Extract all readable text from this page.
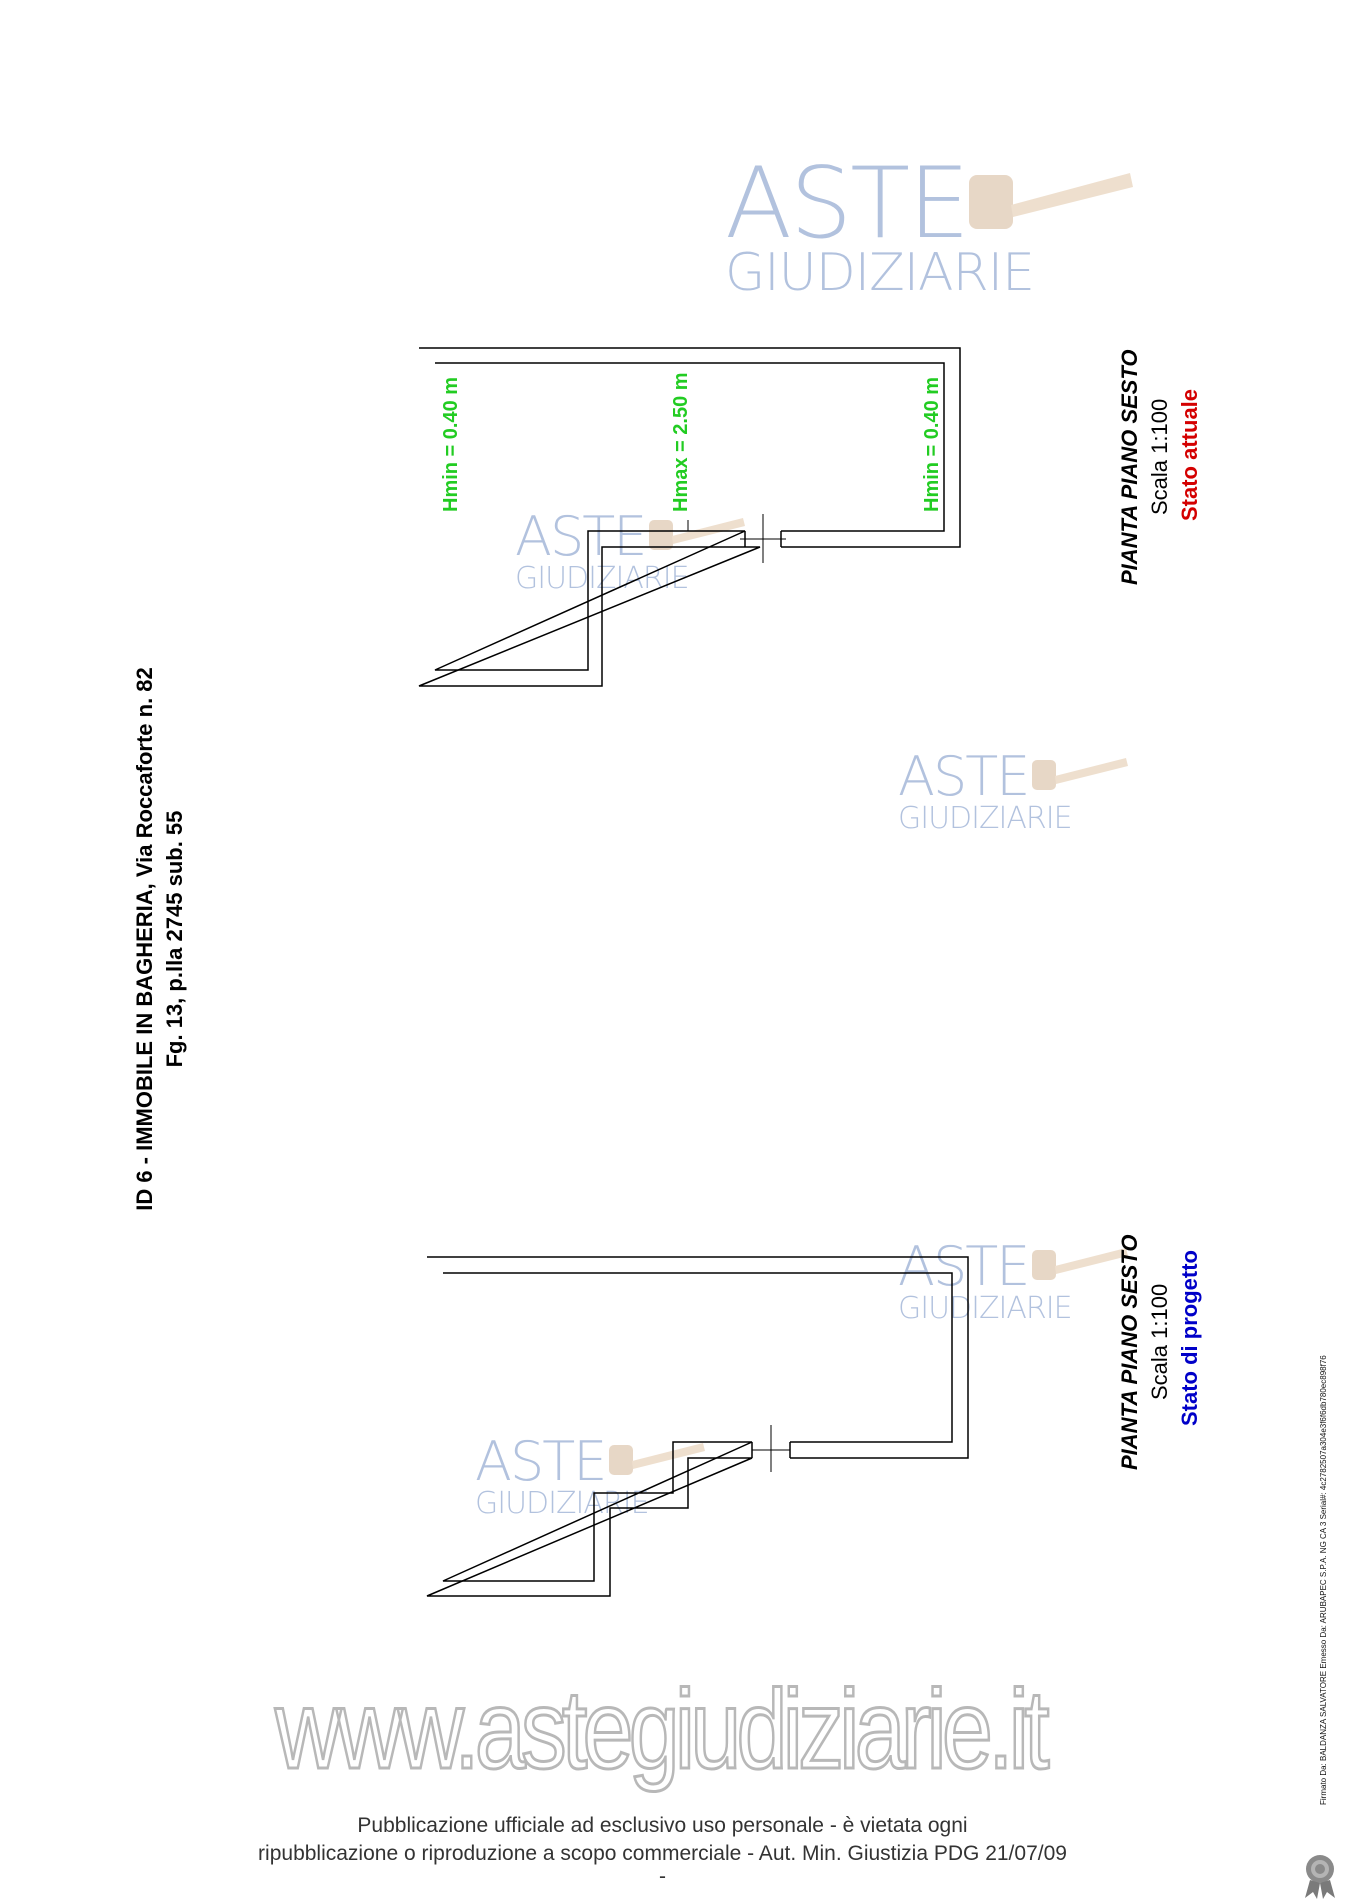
ASTE
GIUDIZIARIE
ASTE
GIUDIZIARIE
ASTE
GIUDIZIARIE
ASTE
GIUDIZIARIE
ASTE
GIUDIZIARIE
Hmin = 0.40 m	Hmax = 2.50 m	Hmin = 0.40 m	PIANTA PIANO SESTO Scala 1:100 Stato attuale
PIANTA PIANO SESTO Scala 1:100 Stato di progetto
ID 6 - IMMOBILE IN BAGHERIA, Via Roccaforte n. 82 Fg. 13, p.lla 2745 sub. 55
www.astegiudiziarie.it
Pubblicazione ufficiale ad esclusivo uso personale - è vietata ogni
ripubblicazione o riproduzione a scopo commerciale - Aut. Min. Giustizia PDG 21/07/09
-
Firmato Da: BALDANZA SALVATORE Emesso Da: ARUBAPEC S.P.A. NG CA 3 Serial#: 4c2782507a304e3f6f6db780ec898f76
